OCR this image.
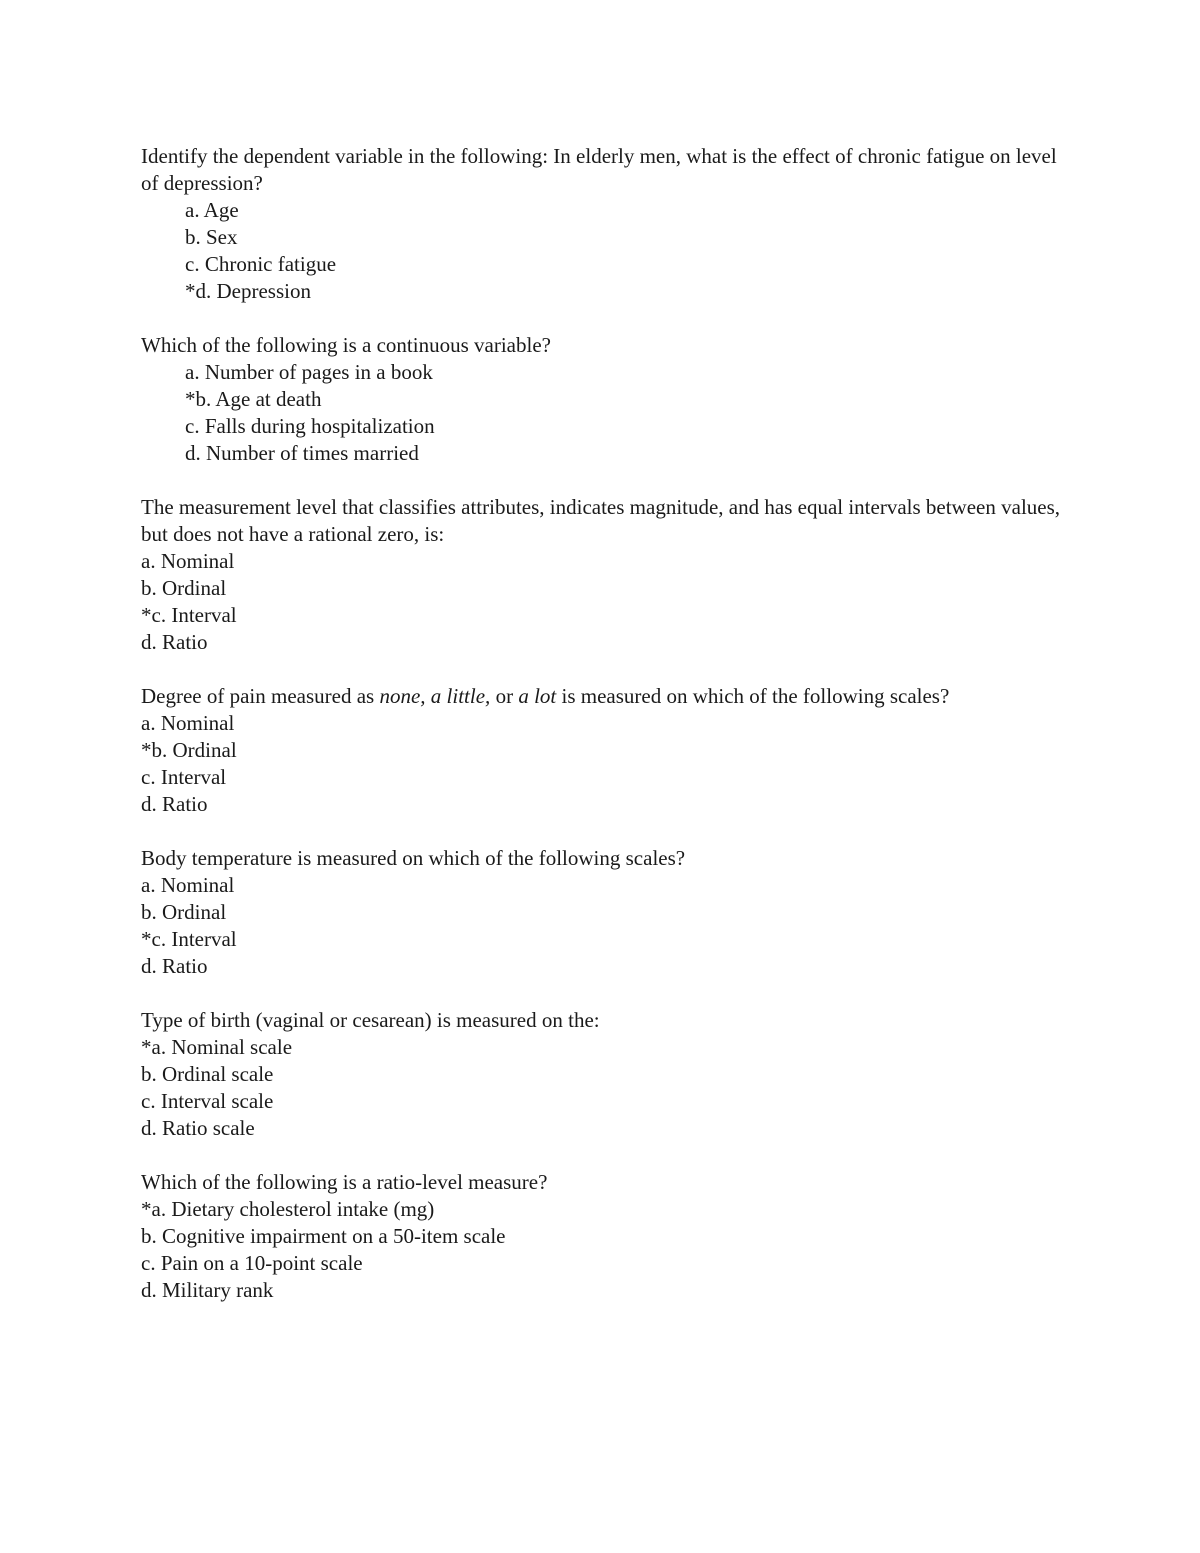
Identify the dependent variable in the following: In elderly men, what is the effect of chronic fatigue on level of depression?

a. Age
b. Sex
c. Chronic fatigue
*d. Depression

Which of the following is a continuous variable?

a. Number of pages in a book
*b. Age at death
c. Falls during hospitalization
d. Number of times married

The measurement level that classifies attributes, indicates magnitude, and has equal intervals between values, but does not have a rational zero, is:

a. Nominal
b. Ordinal
*c. Interval
d. Ratio

Degree of pain measured as none, a little, or a lot is measured on which of the following scales?

a. Nominal
*b. Ordinal
c. Interval
d. Ratio

Body temperature is measured on which of the following scales?

a. Nominal
b. Ordinal
*c. Interval
d. Ratio

Type of birth (vaginal or cesarean) is measured on the:

*a. Nominal scale
b. Ordinal scale
c. Interval scale
d. Ratio scale

Which of the following is a ratio-level measure?

*a. Dietary cholesterol intake (mg)
b. Cognitive impairment on a 50-item scale
c. Pain on a 10-point scale
d. Military rank
